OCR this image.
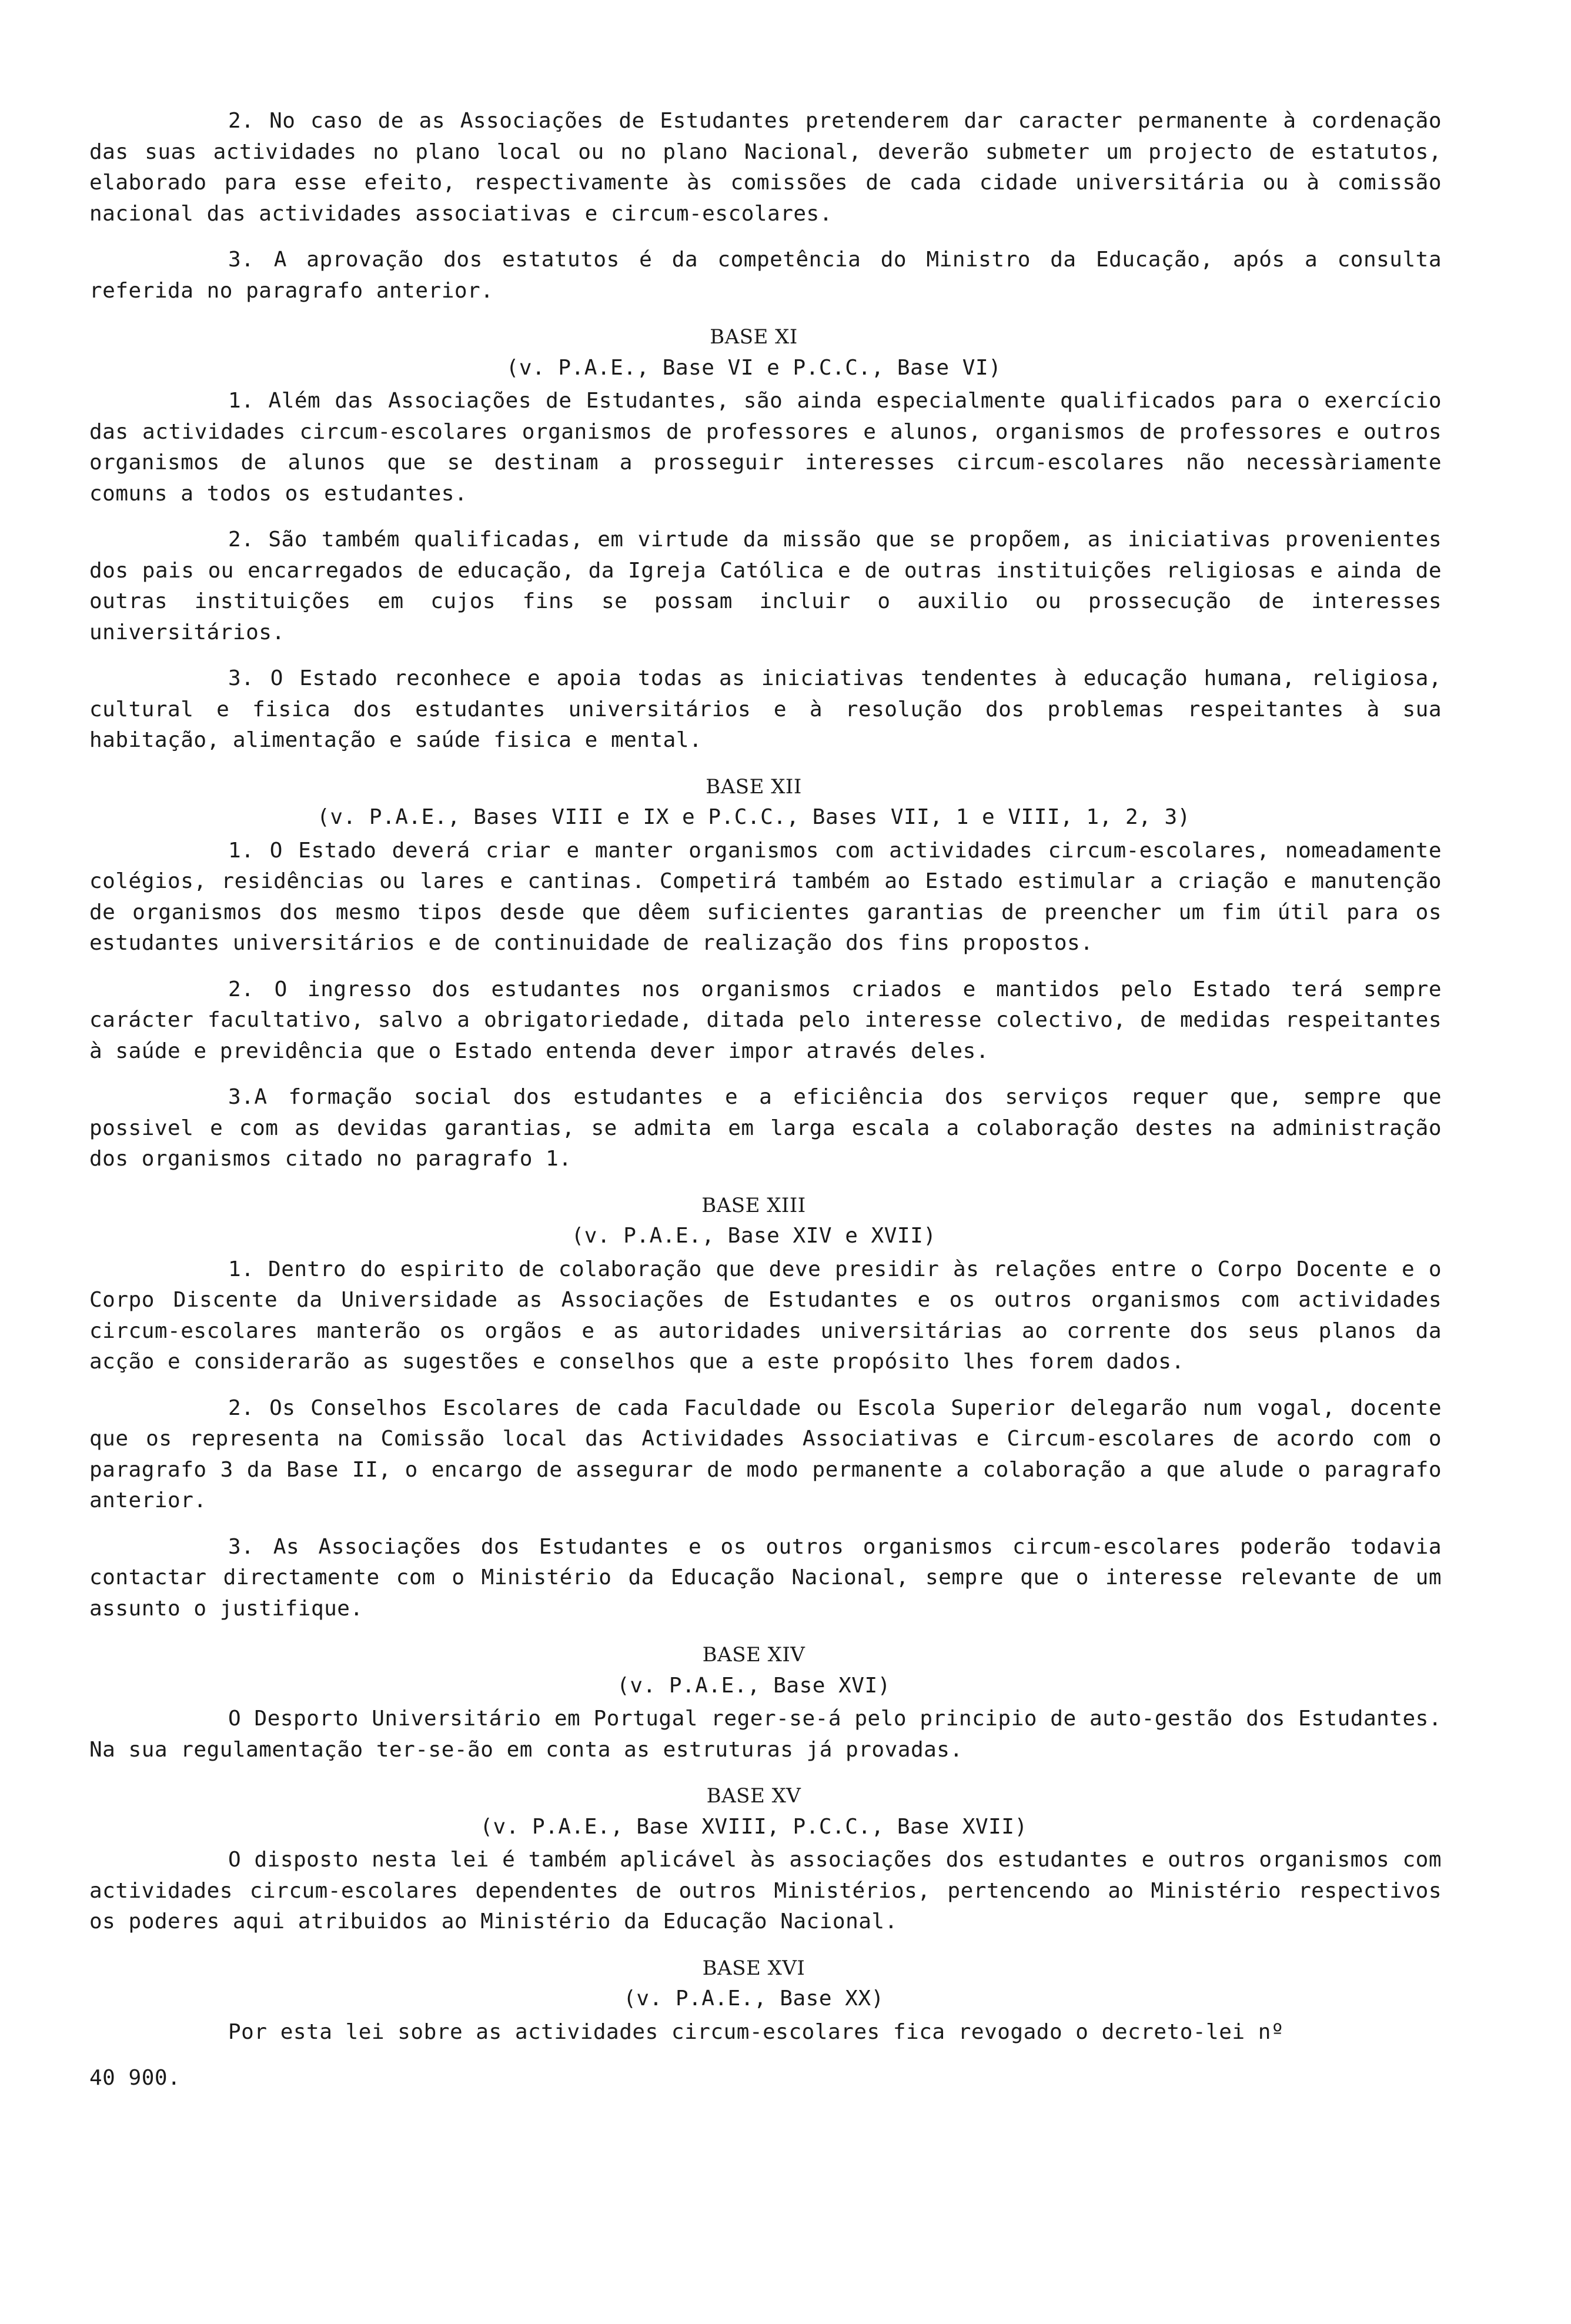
2. No caso de as Associações de Estudantes pretenderem dar caracter permanente à cordenação das suas actividades no plano local ou no plano Nacional, deverão submeter um projecto de estatutos, elaborado para esse efeito, respectivamente às comissões de cada cidade universitária ou à comissão nacional das actividades associativas e circum-escolares.

3. A aprovação dos estatutos é da competência do Ministro da Educação, após a consulta referida no paragrafo anterior.

BASE XI

(v. P.A.E., Base VI e P.C.C., Base VI)

1. Além das Associações de Estudantes, são ainda especialmente qualificados para o exercício das actividades circum-escolares organismos de professores e alunos, organismos de professores e outros organismos de alunos que se destinam a prosseguir interesses circum-escolares não necessàriamente comuns a todos os estudantes.

2. São também qualificadas, em virtude da missão que se propõem, as iniciativas provenientes dos pais ou encarregados de educação, da Igreja Católica e de outras instituições religiosas e ainda de outras instituições em cujos fins se possam incluir o auxilio ou prossecução de interesses universitários.

3. O Estado reconhece e apoia todas as iniciativas tendentes à educação humana, religiosa, cultural e fisica dos estudantes universitários e à resolução dos problemas respeitantes à sua habitação, alimentação e saúde fisica e mental.

BASE XII

(v. P.A.E., Bases VIII e IX e P.C.C., Bases VII, 1 e VIII, 1, 2, 3)

1. O Estado deverá criar e manter organismos com actividades circum-escolares, nomeadamente colégios, residências ou lares e cantinas. Competirá também ao Estado estimular a criação e manutenção de organismos dos mesmo tipos desde que dêem suficientes garantias de preencher um fim útil para os estudantes universitários e de continuidade de realização dos fins propostos.

2. O ingresso dos estudantes nos organismos criados e mantidos pelo Estado terá sempre carácter facultativo, salvo a obrigatoriedade, ditada pelo interesse colectivo, de medidas respeitantes à saúde e previdência que o Estado entenda dever impor através deles.

3.A formação social dos estudantes e a eficiência dos serviços requer que, sempre que possivel e com as devidas garantias, se admita em larga escala a colaboração destes na administração dos organismos citado no paragrafo 1.

BASE XIII

(v. P.A.E., Base XIV e XVII)

1. Dentro do espirito de colaboração que deve presidir às relações entre o Corpo Docente e o Corpo Discente da Universidade as Associações de Estudantes e os outros organismos com actividades circum-escolares manterão os orgãos e as autoridades universitárias ao corrente dos seus planos da acção e considerarão as sugestões e conselhos que a este propósito lhes forem dados.

2. Os Conselhos Escolares de cada Faculdade ou Escola Superior delegarão num vogal, docente que os representa na Comissão local das Actividades Associativas e Circum-escolares de acordo com o paragrafo 3 da Base II, o encargo de assegurar de modo permanente a colaboração a que alude o paragrafo anterior.

3. As Associações dos Estudantes e os outros organismos circum-escolares poderão todavia contactar directamente com o Ministério da Educação Nacional, sempre que o interesse relevante de um assunto o justifique.

BASE XIV

(v. P.A.E., Base XVI)

O Desporto Universitário em Portugal reger-se-á pelo principio de auto-gestão dos Estudantes. Na sua regulamentação ter-se-ão em conta as estruturas já provadas.

BASE XV

(v. P.A.E., Base XVIII, P.C.C., Base XVII)

O disposto nesta lei é também aplicável às associações dos estudantes e outros organismos com actividades circum-escolares dependentes de outros Ministérios, pertencendo ao Ministério respectivos os poderes aqui atribuidos ao Ministério da Educação Nacional.

BASE XVI

(v. P.A.E., Base XX)

Por esta lei sobre as actividades circum-escolares fica revogado o decreto-lei nº

40 900.
